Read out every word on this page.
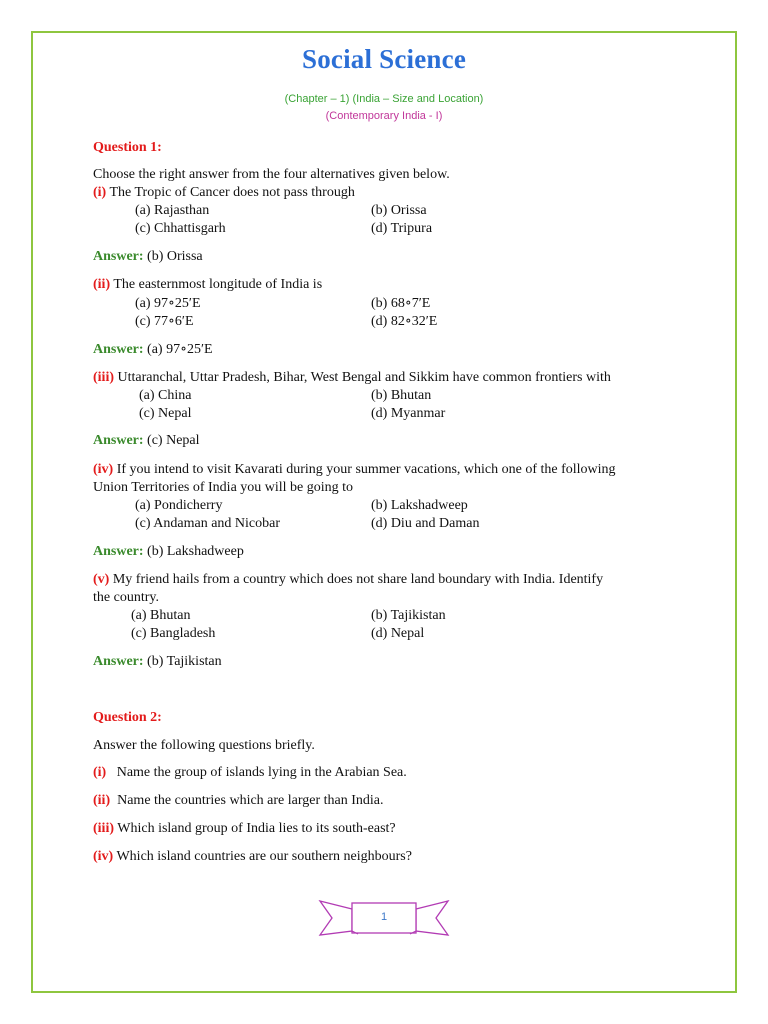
Social Science
(Chapter – 1) (India – Size and Location)
(Contemporary India - I)
Question 1:
Choose the right answer from the four alternatives given below.
(i) The Tropic of Cancer does not pass through
(a) Rajasthan	(b) Orissa
(c) Chhattisgarh	(d) Tripura
Answer: (b) Orissa
(ii) The easternmost longitude of India is
(a) 97∘25′E	(b) 68∘7′E
(c) 77∘6′E	(d) 82∘32′E
Answer: (a) 97∘25′E
(iii) Uttaranchal, Uttar Pradesh, Bihar, West Bengal and Sikkim have common frontiers with
(a) China	(b) Bhutan
(c) Nepal	(d) Myanmar
Answer: (c) Nepal
(iv) If you intend to visit Kavarati during your summer vacations, which one of the following
Union Territories of India you will be going to
(a) Pondicherry	(b) Lakshadweep
(c) Andaman and Nicobar	(d) Diu and Daman
Answer: (b) Lakshadweep
(v) My friend hails from a country which does not share land boundary with India. Identify
the country.
(a) Bhutan	(b) Tajikistan
(c) Bangladesh	(d) Nepal
Answer: (b) Tajikistan
Question 2:
Answer the following questions briefly.
(i)   Name the group of islands lying in the Arabian Sea.
(ii)  Name the countries which are larger than India.
(iii) Which island group of India lies to its south-east?
(iv) Which island countries are our southern neighbours?
1
